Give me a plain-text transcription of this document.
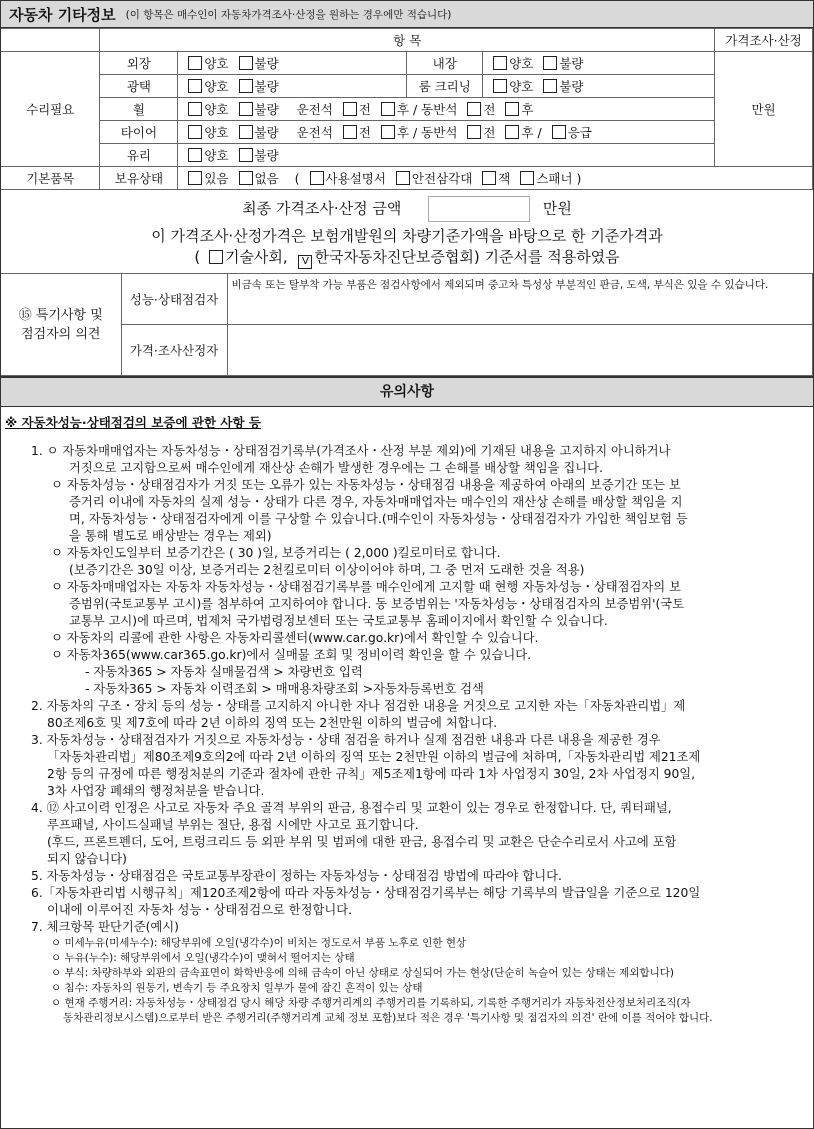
자동차 기타정보 (이 항목은 매수인이 자동차가격조사·산정을 원하는 경우에만 적습니다)
	항 목				가격조사·산정
수리필요	외장	양호 불량	내장	양호 불량	만원
	광택	양호 불량	룸 크리닝	양호 불량	
	휠	양호 불량 운전석 전 후 / 동반석 전 후			
	타이어	양호 불량 운전석 전 후 / 동반석 전 후 / 응급			
	유리	양호 불량			
기본품목	보유상태	있음 없음 ( 사용설명서 안전삼각대 잭 스패너 )			
최종 가격조사·산정 금액	만원
이 가격조사·산정가격은 보험개발원의 차량기준가액을 바탕으로 한 기준가격과
( 기술사회, V 한국자동차진단보증협회) 기준서를 적용하였음
⑮ 특기사항 및
점검자의 의견	성능·상태점검자	비금속 또는 탈부착 가능 부품은 점검사항에서 제외되며 중고차 특성상 부분적인 판금, 도색, 부식은 있을 수 있습니다.
	가격·조사산정자	
유의사항
※ 자동차성능·상태점검의 보증에 관한 사항 등

1. ㅇ 자동차매매업자는 자동차성능・상태점검기록부(가격조사・산정 부분 제외)에 기재된 내용을 고지하지 아니하거나

거짓으로 고지함으로써 매수인에게 재산상 손해가 발생한 경우에는 그 손해를 배상할 책임을 집니다.

ㅇ 자동차성능・상태점검자가 거짓 또는 오류가 있는 자동차성능・상태점검 내용을 제공하여 아래의 보증기간 또는 보

증거리 이내에 자동차의 실제 성능・상태가 다른 경우, 자동차매매업자는 매수인의 재산상 손해를 배상할 책임을 지

며, 자동차성능・상태점검자에게 이를 구상할 수 있습니다.(매수인이 자동차성능・상태점검자가 가입한 책임보험 등

을 통해 별도로 배상받는 경우는 제외)

ㅇ 자동차인도일부터 보증기간은 ( 30 )일, 보증거리는 ( 2,000 )킬로미터로 합니다.

(보증기간은 30일 이상, 보증거리는 2천킬로미터 이상이어야 하며, 그 중 먼저 도래한 것을 적용)

ㅇ 자동차매매업자는 자동차 자동차성능・상태점검기록부를 매수인에게 고지할 때 현행 자동차성능・상태점검자의 보

증범위(국토교통부 고시)를 첨부하여 고지하여야 합니다. 동 보증범위는 '자동차성능・상태점검자의 보증범위'(국토

교통부 고시)에 따르며, 법제처 국가법령정보센터 또는 국토교통부 홈페이지에서 확인할 수 있습니다.

ㅇ 자동차의 리콜에 관한 사항은 자동차리콜센터(www.car.go.kr)에서 확인할 수 있습니다.

ㅇ 자동차365(www.car365.go.kr)에서 실매물 조회 및 정비이력 확인을 할 수 있습니다.

- 자동차365 > 자동차 실매물검색 > 차량번호 입력

- 자동차365 > 자동차 이력조회 > 매매용차량조회 >자동차등록번호 검색

2. 자동차의 구조・장치 등의 성능・상태를 고지하지 아니한 자나 점검한 내용을 거짓으로 고지한 자는「자동차관리법」제

80조제6호 및 제7호에 따라 2년 이하의 징역 또는 2천만원 이하의 벌금에 처합니다.

3. 자동차성능・상태점검자가 거짓으로 자동차성능・상태 점검을 하거나 실제 점검한 내용과 다른 내용을 제공한 경우

「자동차관리법」제80조제9호의2에 따라 2년 이하의 징역 또는 2천만원 이하의 벌금에 처하며,「자동차관리법 제21조제

2항 등의 규정에 따른 행정처분의 기준과 절차에 관한 규칙」제5조제1항에 따라 1차 사업정지 30일, 2차 사업정지 90일,

3차 사업장 폐쇄의 행정처분을 받습니다.

4. ⑫ 사고이력 인정은 사고로 자동차 주요 골격 부위의 판금, 용접수리 및 교환이 있는 경우로 한정합니다. 단, 쿼터패널,

루프패널, 사이드실패널 부위는 절단, 용접 시에만 사고로 표기합니다.

(후드, 프론트펜더, 도어, 트렁크리드 등 외판 부위 및 범퍼에 대한 판금, 용접수리 및 교환은 단순수리로서 사고에 포함

되지 않습니다)

5. 자동차성능・상태점검은 국토교통부장관이 정하는 자동차성능・상태점검 방법에 따라야 합니다.

6.「자동차관리법 시행규칙」제120조제2항에 따라 자동차성능・상태점검기록부는 해당 기록부의 발급일을 기준으로 120일

이내에 이루어진 자동차 성능・상태점검으로 한정합니다.

7. 체크항목 판단기준(예시)

ㅇ 미세누유(미세누수): 해당부위에 오일(냉각수)이 비치는 정도로서 부품 노후로 인한 현상

ㅇ 누유(누수): 해당부위에서 오일(냉각수)이 맺혀서 떨어지는 상태

ㅇ 부식: 차량하부와 외판의 금속표면이 화학반응에 의해 금속이 아닌 상태로 상실되어 가는 현상(단순히 녹슬어 있는 상태는 제외합니다)

ㅇ 침수: 자동차의 원동기, 변속기 등 주요장치 일부가 물에 잠긴 흔적이 있는 상태

ㅇ 현재 주행거리: 자동차성능・상태점검 당시 해당 차량 주행거리계의 주행거리를 기록하되, 기록한 주행거리가 자동차전산정보처리조직(자

동차관리정보시스템)으로부터 받은 주행거리(주행거리계 교체 정보 포함)보다 적은 경우 '특기사항 및 점검자의 의견' 란에 이를 적어야 합니다.
